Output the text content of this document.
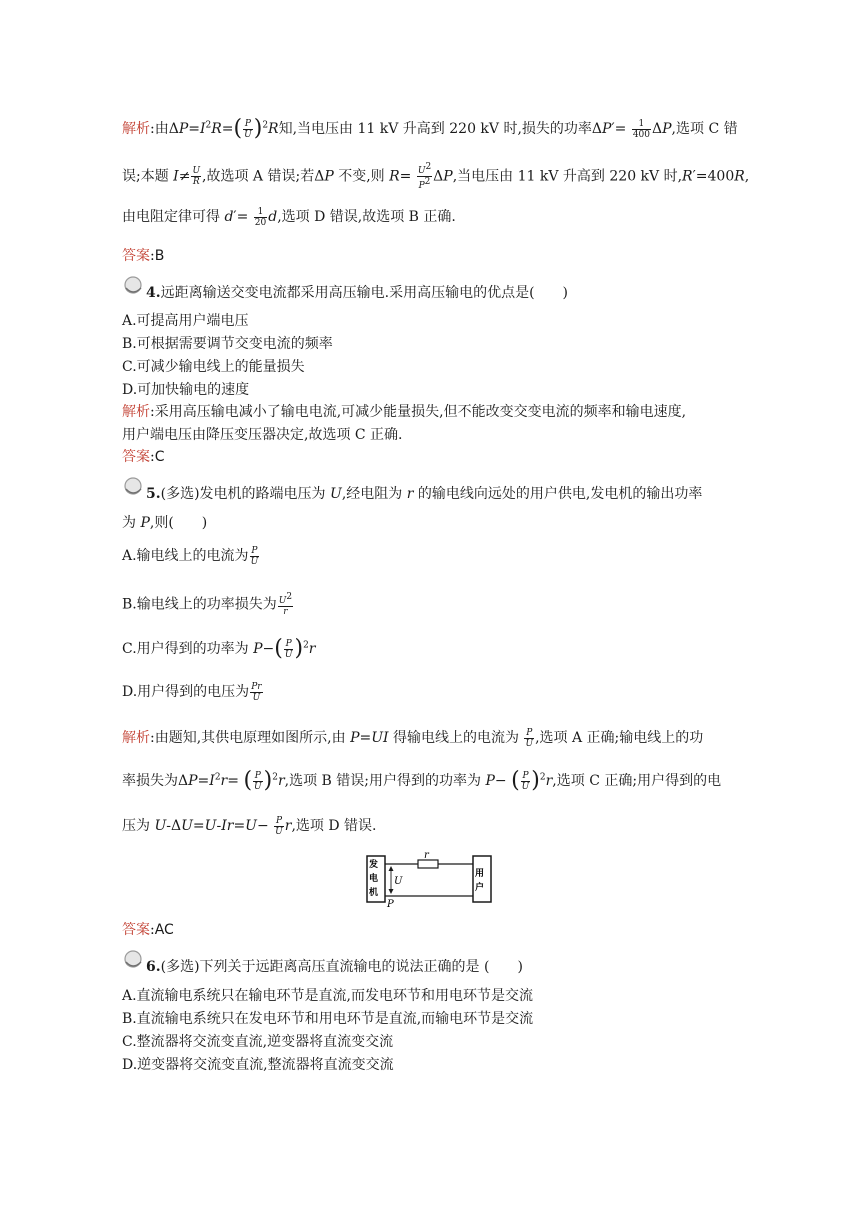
解析:由$\Delta P=I^2R=( \frac{P}{U} )^2R$知,当电压由 11 kV 升高到 220 kV 时,损失的功率$\Delta P'= \frac{1}{400} \Delta P$,选项 C 错
误;本题 $I\ne \frac{U}{R}$ ,故选项 A 错误;若ΔP 不变,则 $R= \frac{U^2}{P^2} \Delta P$,当电压由 11 kV 升高到 220 kV 时,R′=400R,
由电阻定律可得 $d'= \frac{1}{20} d$,选项 D 错误,故选项 B 正确.
答案:B
4.远距离输送交变电流都采用高压输电.采用高压输电的优点是(　　)
A.可提高用户端电压
B.可根据需要调节交变电流的频率
C.可减少输电线上的能量损失
D.可加快输电的速度
解析:采用高压输电减小了输电电流,可减少能量损失,但不能改变交变电流的频率和输电速度,
用户端电压由降压变压器决定,故选项 C 正确.
答案:C
5.(多选)发电机的路端电压为 U,经电阻为 r 的输电线向远处的用户供电,发电机的输出功率
为 P,则(　　)
A.输电线上的电流为 $\frac{P}{U}$
B.输电线上的功率损失为 $\frac{U^2}{r}$
C.用户得到的功率为 $P-( \frac{P}{U} )^2r$
D.用户得到的电压为 $\frac{Pr}{U}$
解析:由题知,其供电原理如图所示,由 P=UI 得输电线上的电流为 $\frac{P}{U}$ ,选项 A 正确;输电线上的功
率损失为$\Delta P=I^2r=$ ( $\frac{P}{U} )^2r$,选项 B 错误;用户得到的功率为 P− ( $\frac{P}{U} )^2r$,选项 C 正确;用户得到的电
压为 $U-\Delta U=U-Ir=U- \frac{P}{U} r$,选项 D 错误.
发
电
机
用
户
r
U
P
答案:AC
6.(多选)下列关于远距离高压直流输电的说法正确的是 (　　)
A.直流输电系统只在输电环节是直流,而发电环节和用电环节是交流
B.直流输电系统只在发电环节和用电环节是直流,而输电环节是交流
C.整流器将交流变直流,逆变器将直流变交流
D.逆变器将交流变直流,整流器将直流变交流
